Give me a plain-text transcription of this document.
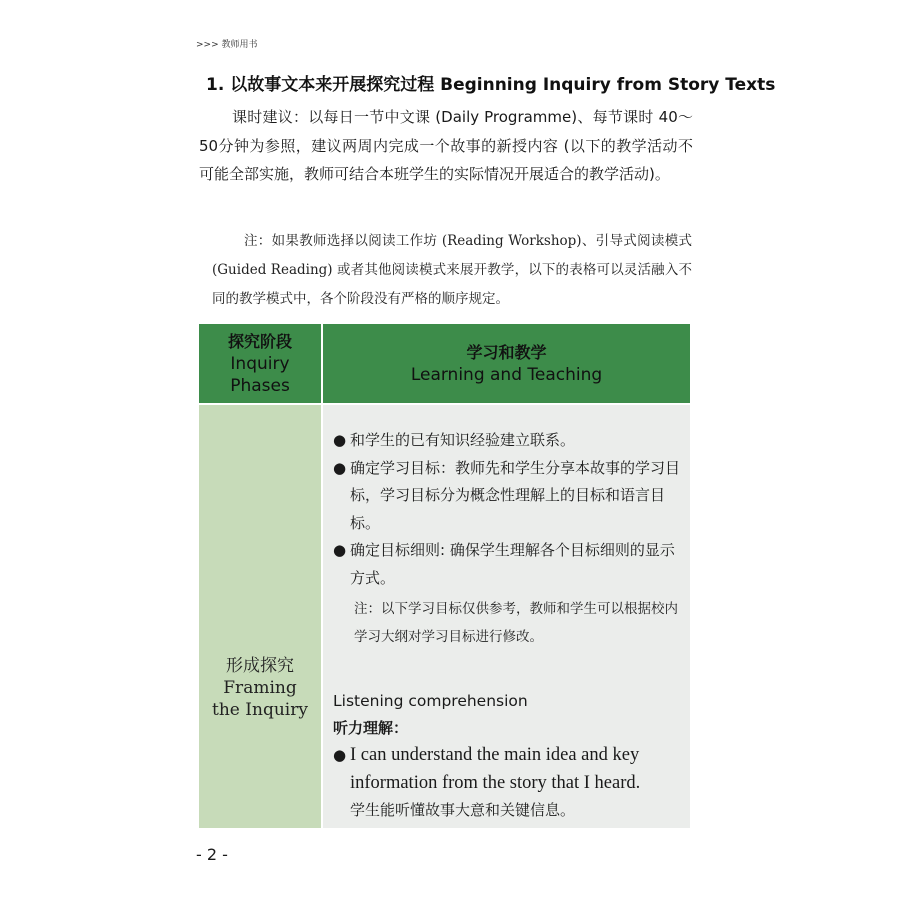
>>> 教师用书
1. 以故事文本来开展探究过程 Beginning Inquiry from Story Texts
课时建议：以每日一节中文课 (Daily Programme)、每节课时 40～50分钟为参照，建议两周内完成一个故事的新授内容 (以下的教学活动不可能全部实施，教师可结合本班学生的实际情况开展适合的教学活动)。
注：如果教师选择以阅读工作坊 (Reading Workshop)、引导式阅读模式 (Guided Reading) 或者其他阅读模式来展开教学，以下的表格可以灵活融入不同的教学模式中，各个阶段没有严格的顺序规定。
探究阶段
Inquiry Phases
学习和教学
Learning and Teaching
形成探究
Framing
the Inquiry
● 和学生的已有知识经验建立联系。
● 确定学习目标：教师先和学生分享本故事的学习目标，学习目标分为概念性理解上的目标和语言目标。
● 确定目标细则: 确保学生理解各个目标细则的显示方式。
注：以下学习目标仅供参考，教师和学生可以根据校内学习大纲对学习目标进行修改。
Listening comprehension
听力理解：
● I can understand the main idea and key information from the story that I heard.
学生能听懂故事大意和关键信息。
- 2 -
